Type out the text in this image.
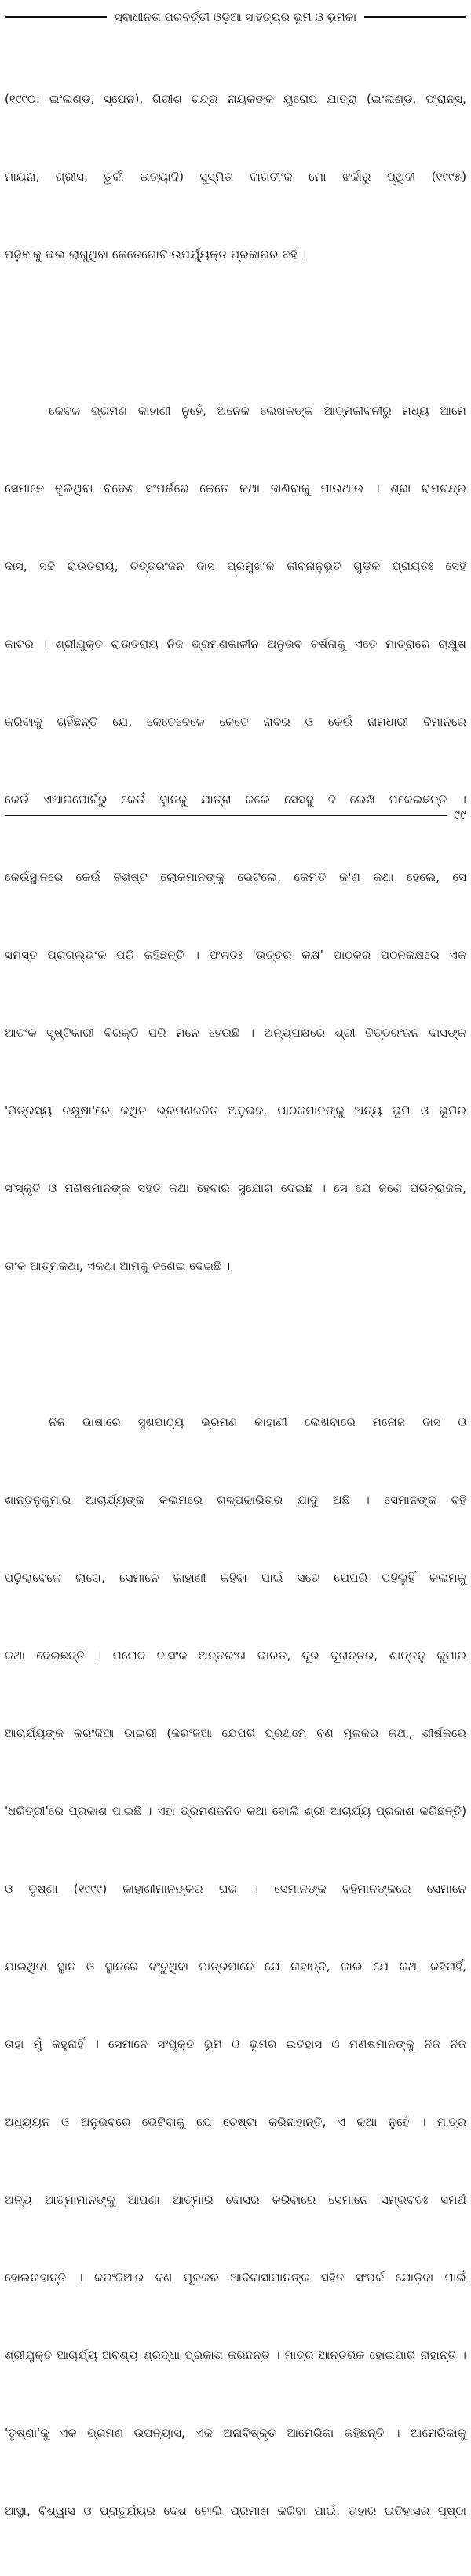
ସ୍ଵାଧୀନତା ପରବର୍ତ୍ତୀ ଓଡ଼ିଆ ସାହିତ୍ୟର ଭୂମି ଓ ଭୂମିକା

(୧୯୯୦: ଇଂଲଣ୍ଡ, ସ୍ପେନ), ଗିରୀଶ ଚନ୍ଦ୍ର ନାୟକଙ୍କ ୟୁରୋପ ଯାତ୍ରା (ଇଂଲଣ୍ଡ, ଫ୍ରାନ୍‌ସ୍,

ମାୟନା, ଗ୍ରୀସ, ତୁର୍କୀ ଇତ୍ୟାଦି) ସୁସ୍ମିତା ବାଗଚୀଂକ ମୋ ଝର୍କାରୁ ପୃଥିବୀ (୧୯୯୫)

ପଢ଼ିବାକୁ ଭଲ ଲାଗୁଥିବା କେତେଗୋଟି ଉପର୍ଯ୍ୟୁକ୍ତ ପ୍ରକାରର ବହି ।

କେବଳ ଭ୍ରମଣ କାହାଣୀ ନୁହେଁ, ଅନେକ ଲେଖକଙ୍କ ଆତ୍ମଜୀବନୀରୁ ମଧ୍ୟ ଆମେ

ସେମାନେ ବୁଲିଥିବା ବିଦେଶ ସଂପର୍କରେ କେତେ କଥା ଜାଣିବାକୁ ପାଉଥାଉ । ଶ୍ରୀ ରାମଚନ୍ଦ୍ର

ଦାସ, ସଚ୍ଚି ରାଉତରାୟ, ଚିତ୍ତରଂଜନ ଦାସ ପ୍ରମୁଖଂକ ଜୀବନାନୁଭୂତି ଗୁଡ଼ିକ ପ୍ରାୟତଃ ସେହି

କାଟର । ଶ୍ରୀଯୁକ୍ତ ରାଉତରାୟ ନିଜ ଭ୍ରମଣକାଳୀନ ଅନୁଭବ ବର୍ଷନାକୁ ଏତେ ମାତ୍ରାରେ ଚାକ୍ଷୁଷ

କରିବାକୁ ଚାହିଁଛନ୍ତି ଯେ, କେତେବେଳେ କେତେ ନାବର ଓ କେଉଁ ନାମଧାରୀ ବିମାନରେ

କେଉଁ ଏଆରପୋର୍ଟରୁ କେଉଁ ସ୍ଥାନକୁ ଯାତ୍ରା କଲେ ସେସବୁ ବି ଲେଖି ପକେଇଛନ୍ତି ।

କେଉଁସ୍ଥାନରେ କେଉଁ ବିଶିଷ୍ଟ ଲୋକମାନଙ୍କୁ ଭେଟିଲେ, କେମିତି କ'ଣ କଥା ହେଲେ, ସେ

ସମସ୍ତ ପ୍ରଗଲ୍‌ଭଂକ ପରି କହିଛନ୍ତି । ଫଳତଃ 'ଉତ୍ତର କକ୍ଷ' ପାଠକର ପଠନକକ୍ଷରେ ଏକ

ଆତଂକ ସୃଷ୍ଟିକାରୀ ବିରକ୍ତି ପରି ମନେ ହେଉଛି । ଅନ୍ୟପକ୍ଷରେ ଶ୍ରୀ ଚିତ୍ତରଂଜନ ଦାସଙ୍କ

'ମିତ୍ରସ୍ୟ ଚକ୍ଷୁଷା'ରେ କଥିତ ଭ୍ରମଣଜନିତ ଅନୁଭବ, ପାଠକମାନଙ୍କୁ ଅନ୍ୟ ଭୂମି ଓ ଭୂମିର

ସଂସ୍କୃତି ଓ ମଣିଷମାନଙ୍କ ସହିତ କଥା ହେବାର ସୁଯୋଗ ଦେଇଛି । ସେ ଯେ ଜଣେ ପରିବ୍ରାଜକ,

ତାଂକ ଆତ୍ମକଥା, ଏକଥା ଆମକୁ ଜଣେଇ ଦେଇଛି ।

ନିଜ ଭାଷାରେ ସୁଖପାଠ୍ୟ ଭ୍ରମଣ କାହାଣୀ ଲେଖିବାରେ ମନୋଜ ଦାସ ଓ

ଶାନ୍ତନୁକୁମାର ଆଚାର୍ଯ୍ୟଙ୍କ କଲମରେ ଗଳ୍ପକାରିତାର ଯାଦୁ ଅଛି । ସେମାନଙ୍କ ବହି

ପଢ଼ିଲାବେଳେ ଲାଗେ, ସେମାନେ କାହାଣୀ କହିବା ପାଇଁ ସତେ ଯେପରି ପହିଲୁହିଁ କଲମକୁ

କଥା ଦେଇଛନ୍ତି । ମନୋଜ ଦାସଂକ ଅନ୍ତରଂଗ ଭାରତ, ଦୂର ଦୂରାନ୍ତର, ଶାନ୍ତନୁ କୁମାର

ଆଚାର୍ଯ୍ୟଙ୍କ କରଂଜିଆ ଡାଇରୀ (କରଂଜିଆ ଯେପରି ପ୍ରଥମେ ବଣ ମୂଳକର କଥା, ଶୀର୍ଷକରେ

'ଧରିତ୍ରୀ'ରେ ପ୍ରକାଶ ପାଇଛି । ଏହା ଭ୍ରମଣଜନିତ କଥା ବୋଲି ଶ୍ରୀ ଆଚାର୍ଯ୍ୟ ପ୍ରକାଶ କରିଛନ୍ତି)

ଓ ତୃଷ୍ଣା (୧୯୯୯) କାହାଣୀମାନଙ୍କର ଘର । ସେମାନଙ୍କ ବହିମାନଙ୍କରେ ସେମାନେ

ଯାଇଥିବା ସ୍ଥାନ ଓ ସ୍ଥାନରେ ବଂଚୁଥିବା ପାତ୍ରମାନେ ଯେ ନାହାନ୍ତି, କାଲ ଯେ କଥା କହିନାହିଁ,

ତାହା ମୁଁ କହୁନାହିଁ । ସେମାନେ ସଂପୃକ୍ତ ଭୂମି ଓ ଭୂମିର ଇତିହାସ ଓ ମଣିଷମାନଙ୍କୁ ନିଜ ନିଜ

ଅଧ୍ୟୟନ ଓ ଅନୁଭବରେ ଭେଟିବାକୁ ଯେ ଚେଷ୍ଟା କରିନାହାନ୍ତି, ଏ କଥା ନୁହେଁ । ମାତ୍ର

ଅନ୍ୟ ଆତ୍ମାମାନଙ୍କୁ ଆପଣା ଆତ୍ମାର ଦୋସର କରିବାରେ ସେମାନେ ସମ୍ଭବତଃ ସମର୍ଥ

ହୋଇନାହାନ୍ତି । କରଂଜିଆର ବଣ ମୂଳକର ଆଦିବାସୀମାନଙ୍କ ସହିତ ସଂପର୍କ ଯୋଡ଼ିବା ପାଇଁ

ଶ୍ରୀଯୁକ୍ତ ଆଚାର୍ଯ୍ୟ ଅବଶ୍ୟ ଶ୍ରଦ୍ଧା ପ୍ରକାଶ କରିଛନ୍ତି । ମାତ୍ର ଆନ୍ତରିକ ହୋଇପାରି ନାହାନ୍ତି ।

'ତୃଷ୍ଣା'କୁ ଏକ ଭ୍ରମଣ ଉପନ୍ୟାସ, ଏକ ଅନାବିଷ୍କୃତ ଆମେରିକା କହିଛନ୍ତି । ଆମେରିକାକୁ

ଆସ୍ଥା, ବିଶ୍ୱାସ ଓ ପ୍ରାଚୁର୍ଯ୍ୟର ଦେଶ ବୋଲି ପ୍ରମାଣ କରିବା ପାଇଁ, ତାହାର ଇତିହାସର ପୃଷ୍ଠା

୯୯
